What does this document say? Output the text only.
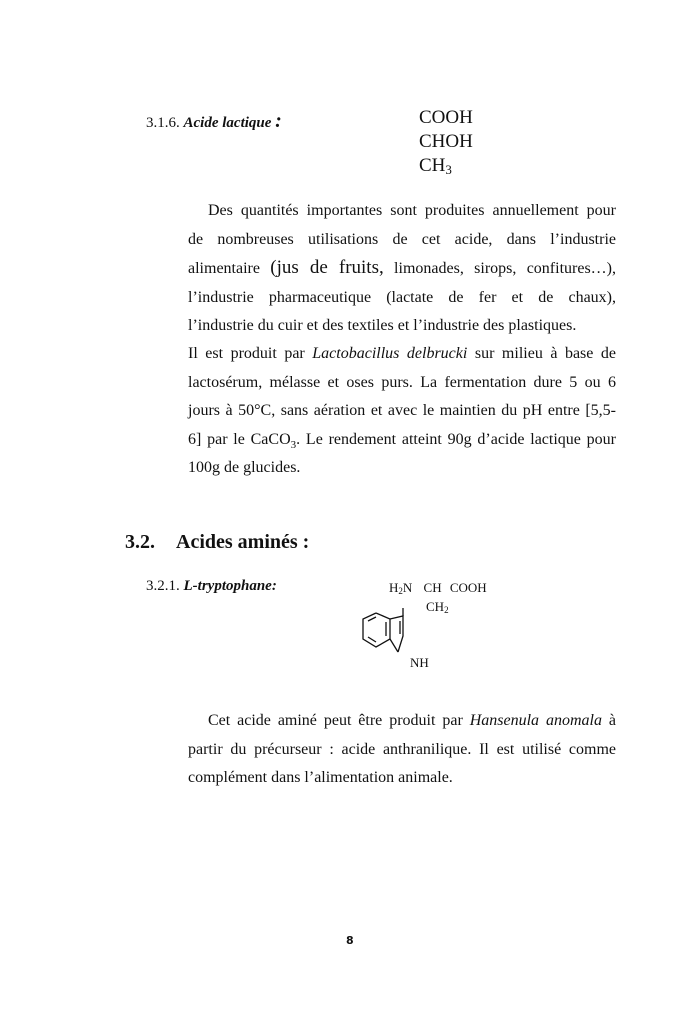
3.1.6. Acide lactique :	COOH
CHOH
$CH_3$
Des quantités importantes sont produites annuellement pour
de nombreuses utilisations de cet acide, dans l’industrie
alimentaire (jus de fruits, limonades, sirops, confitures…),
l’industrie pharmaceutique (lactate de fer et de chaux),
l’industrie du cuir et des textiles et l’industrie des plastiques.
Il est produit par Lactobacillus delbrucki sur milieu à base de
lactosérum, mélasse et oses purs. La fermentation dure 5 ou 6
jours à 50°C, sans aération et avec le maintien du pH entre [5,5-
6] par le CaCO$_3$. Le rendement atteint 90g d’acide lactique pour
100g de glucides.
3.2. Acides aminés :
3.2.1. L-tryptophane:	$H_2N$ CH COOH
$CH_2$
NH
Cet acide aminé peut être produit par Hansenula anomala à
partir du précurseur : acide anthranilique. Il est utilisé comme
complément dans l’alimentation animale.
8
